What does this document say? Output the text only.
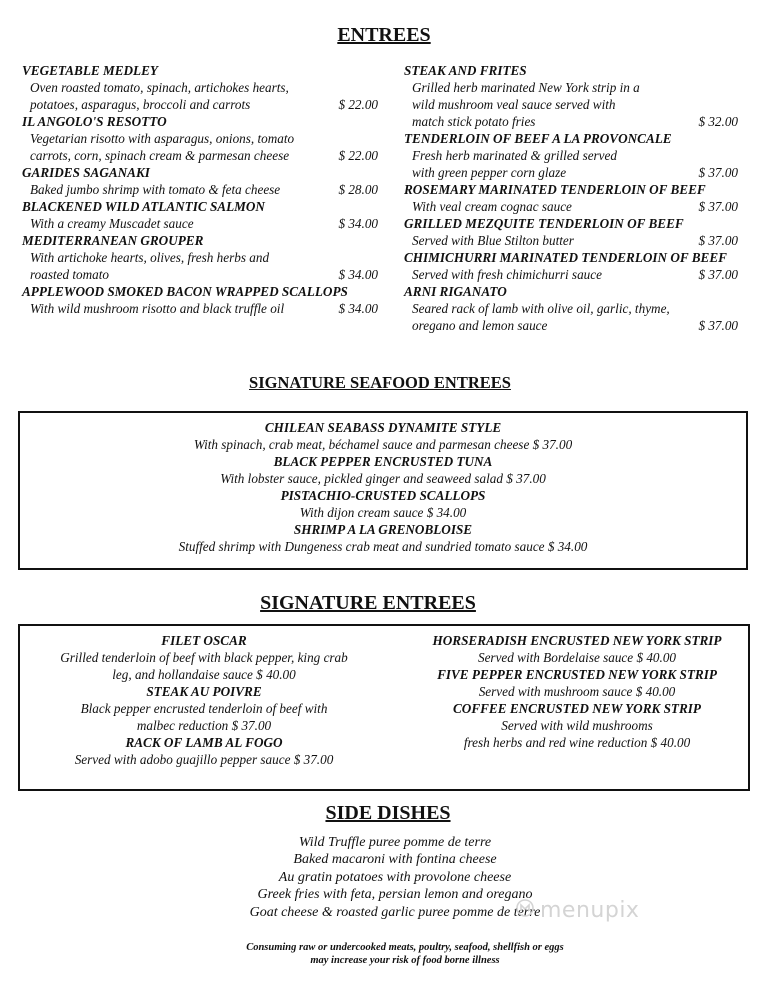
ENTREES
VEGETABLE MEDLEY
Oven roasted tomato, spinach, artichokes hearts,
potatoes, asparagus, broccoli and carrots	$ 22.00
IL ANGOLO'S RESOTTO
Vegetarian risotto with asparagus, onions, tomato
carrots, corn, spinach cream & parmesan cheese	$ 22.00
GARIDES SAGANAKI
Baked jumbo shrimp with tomato & feta cheese	$ 28.00
BLACKENED WILD ATLANTIC SALMON
With a creamy Muscadet sauce	$ 34.00
MEDITERRANEAN GROUPER
With artichoke hearts, olives, fresh herbs and
roasted tomato	$ 34.00
APPLEWOOD SMOKED BACON WRAPPED SCALLOPS
With wild mushroom risotto and black truffle oil	$ 34.00
STEAK AND FRITES
Grilled herb marinated New York strip in a
wild mushroom veal sauce served with
match stick potato fries	$ 32.00
TENDERLOIN OF BEEF A LA PROVONCALE
Fresh herb marinated & grilled served
with green pepper corn glaze	$ 37.00
ROSEMARY MARINATED TENDERLOIN OF BEEF
With veal cream cognac sauce	$ 37.00
GRILLED MEZQUITE TENDERLOIN OF BEEF
Served with Blue Stilton butter	$ 37.00
CHIMICHURRI MARINATED TENDERLOIN OF BEEF
Served with fresh chimichurri sauce	$ 37.00
ARNI RIGANATO
Seared rack of lamb with olive oil, garlic, thyme,
oregano and lemon sauce	$ 37.00
SIGNATURE SEAFOOD ENTREES
CHILEAN SEABASS DYNAMITE STYLE
With spinach, crab meat, béchamel sauce and parmesan cheese $ 37.00
BLACK PEPPER ENCRUSTED TUNA
With lobster sauce, pickled ginger and seaweed salad $ 37.00
PISTACHIO-CRUSTED SCALLOPS
With dijon cream sauce $ 34.00
SHRIMP A LA GRENOBLOISE
Stuffed shrimp with Dungeness crab meat and sundried tomato sauce $ 34.00
SIGNATURE ENTREES
FILET OSCAR
Grilled tenderloin of beef with black pepper, king crab
leg, and hollandaise sauce $ 40.00
STEAK AU POIVRE
Black pepper encrusted tenderloin of beef with
malbec reduction $ 37.00
RACK OF LAMB AL FOGO
Served with adobo guajillo pepper sauce $ 37.00
HORSERADISH ENCRUSTED NEW YORK STRIP
Served with Bordelaise sauce $ 40.00
FIVE PEPPER ENCRUSTED NEW YORK STRIP
Served with mushroom sauce $ 40.00
COFFEE ENCRUSTED NEW YORK STRIP
Served with wild mushrooms
fresh herbs and red wine reduction $ 40.00
SIDE DISHES
Wild Truffle puree pomme de terre
Baked macaroni with fontina cheese
Au gratin potatoes with provolone cheese
Greek fries with feta, persian lemon and oregano
Goat cheese & roasted garlic puree pomme de terre
Consuming raw or undercooked meats, poultry, seafood, shellfish or eggs
may increase your risk of food borne illness
menupix
